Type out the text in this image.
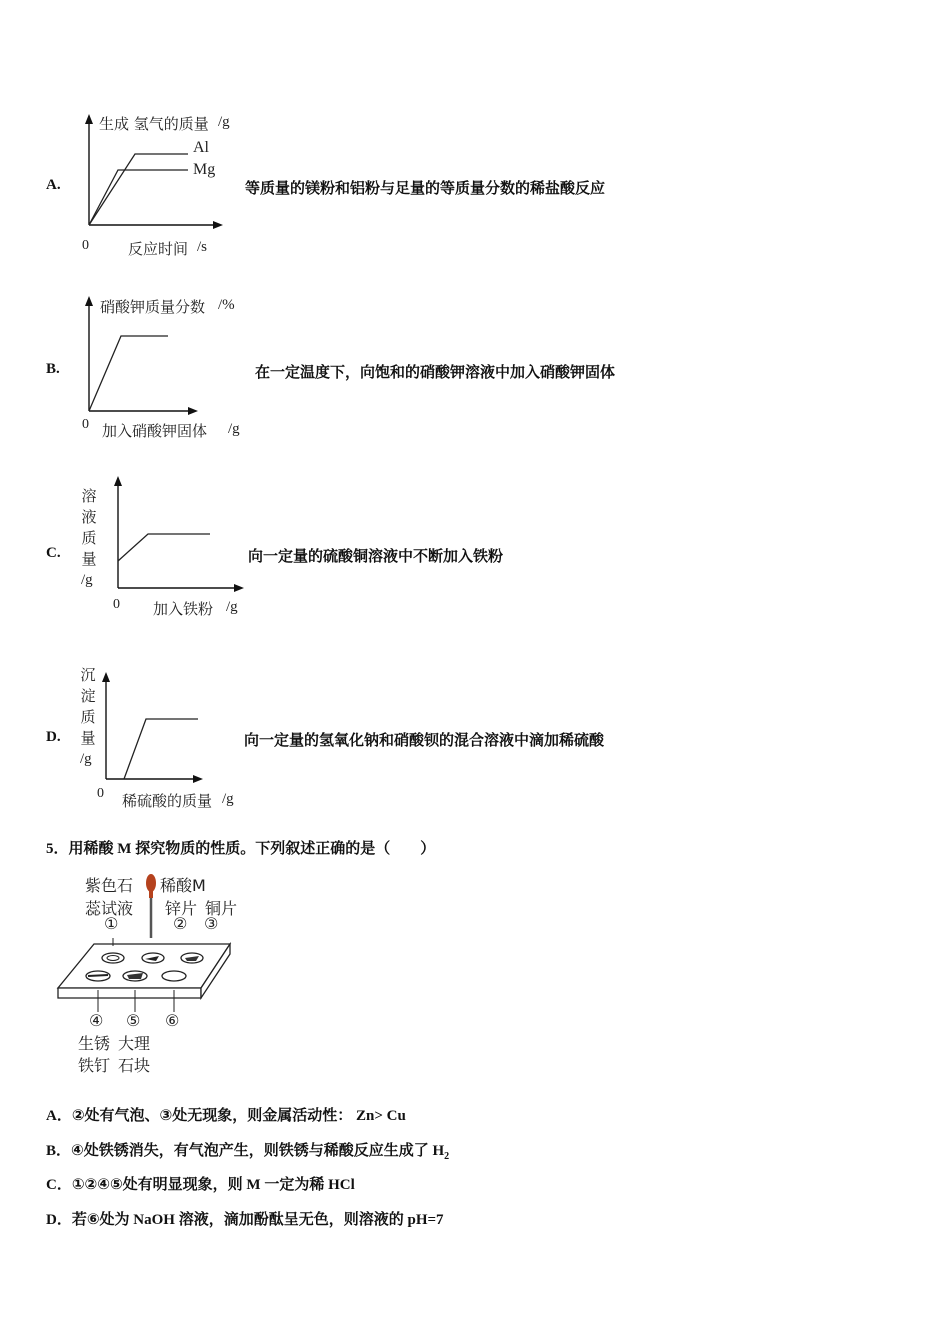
A.
生成 氢气的质量 /g
Al
Mg
0	反应时间 /s
等质量的镁粉和铝粉与足量的等质量分数的稀盐酸反应
B.
硝酸钾质量分数 /%
0 加入硝酸钾固体 /g
在一定温度下，向饱和的硝酸钾溶液中加入硝酸钾固体
C.
溶液质量
/g
0 加入铁粉 /g
向一定量的硫酸铜溶液中不断加入铁粉
D.
沉淀质量
/g
0 稀硫酸的质量 /g
向一定量的氢氧化钠和硝酸钡的混合溶液中滴加稀硫酸
5．用稀酸 M 探究物质的性质。下列叙述正确的是（　　）
紫色石
蕊试液
稀酸M
锌片 铜片
①	② ③
④ ⑤ ⑥
生锈
铁钉
大理
石块
A．②处有气泡、③处无现象，则金属活动性： Zn> Cu
B．④处铁锈消失，有气泡产生，则铁锈与稀酸反应生成了 $H_2$
C．①②④⑤处有明显现象，则 M 一定为稀 HCl
D．若⑥处为 NaOH 溶液，滴加酚酞呈无色，则溶液的 pH=7
